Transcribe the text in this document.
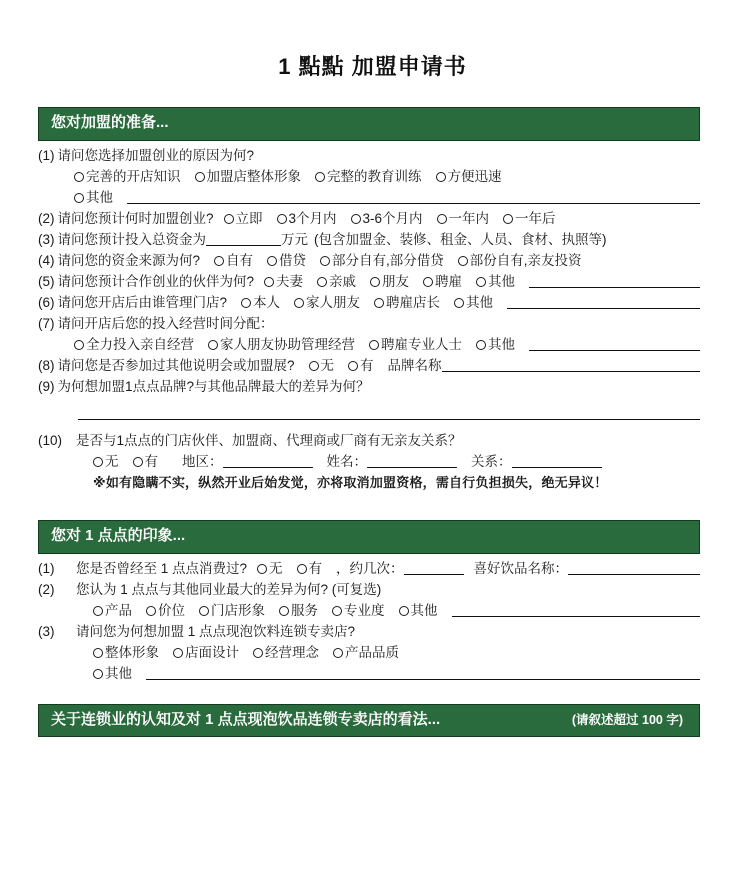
1 點點 加盟申请书
您对加盟的准备...
(1) 请问您选择加盟创业的原因为何?
完善的开店知识 加盟店整体形象 完整的教育训练 方便迅速
其他
(2) 请问您预计何时加盟创业? 立即 3个月内 3-6个月内 一年内 一年后
(3) 请问您预计投入总资金为	万元 (包含加盟金、装修、租金、人员、食材、执照等)
(4) 请问您的资金来源为何? 自有 借贷 部分自有,部分借贷 部份自有,亲友投资
(5) 请问您预计合作创业的伙伴为何? 夫妻 亲戚 朋友 聘雇 其他
(6) 请问您开店后由谁管理门店? 本人 家人朋友 聘雇店长 其他
(7) 请问开店后您的投入经营时间分配：
全力投入亲自经营 家人朋友协助管理经营 聘雇专业人士 其他
(8) 请问您是否参加过其他说明会或加盟展? 无 有 品牌名称
(9) 为何想加盟1点点品牌?与其他品牌最大的差异为何？
(10)	是否与1点点的门店伙伴、加盟商、代理商或厂商有无亲友关系？
无 有 地区：	姓名：	关系：
※如有隐瞒不实，纵然开业后始发觉，亦将取消加盟资格，需自行负担损失，绝无异议！
您对 1 点点的印象...
(1)	您是否曾经至 1 点点消费过? 无 有 ，约几次：	喜好饮品名称：
(2)	您认为 1 点点与其他同业最大的差异为何? (可复选)
产品 价位 门店形象 服务 专业度 其他
(3)	请问您为何想加盟 1 点点现泡饮料连锁专卖店?
整体形象 店面设计 经营理念 产品品质
其他
关于连锁业的认知及对 1 点点现泡饮品连锁专卖店的看法...	(请叙述超过 100 字)
